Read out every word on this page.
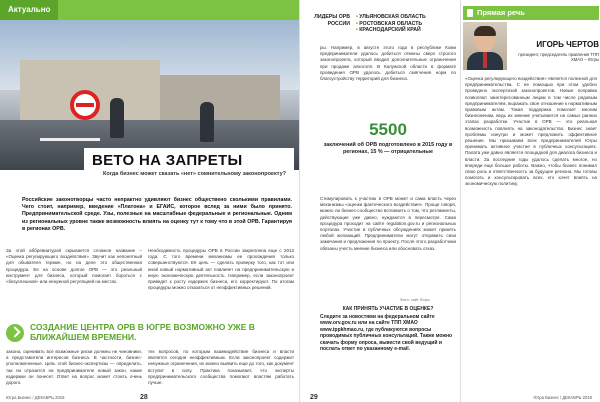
Актуально
ВЕТО НА ЗАПРЕТЫ
Когда бизнес может сказать «нет» сомнительному законопроекту?
Российские законотворцы часто непрактно удивляют бизнес обществено сколькими правилами. Чего стоит, например, введение «Платона» и ЕГАИС, которое вслед за ними было принято. Предпринимательской среде. Узы, полезные на масштабные федеральные и региональные. Одним из региональных уровне также возможность влиять на оценку тут к тому что в этой ОРВ. Гарантируя в регионах ОРВ.
За этой аббревиатурой скрывается сложное название – «Оценка регулирующего воздействия». Звучит как непонятный для обывателя термин, но на деле это общественная процедура. Ее на основе долгое ОРВ — это реальный инструмент для бизнеса, который помогает бороться с «безуспешной» или ненужной регуляцией на местах.
Необходимость процедуры ОРВ в России закреплена еще с 2013 года. С того времени механизмы ее прохождения только совершенствуются. Её цель — сделать проверку того, как тот или иной новый нормативный акт повлияет на предпринимательскую и иную экономическую деятельность. Например, если законопроект приведет к росту издержек бизнеса, его корректируют. По итогам процедуры можно отказаться от неэффективных решений.
СОЗДАНИЕ ЦЕНТРА ОРВ В ЮГРЕ ВОЗМОЖНО УЖЕ В БЛИЖАЙШЕМ ВРЕМЕНИ.
закона, оценивать все возможные риски должны не чиновники, а представители интересов бизнеса. В частности, бизнес-уполномоченные. Цель этой бизнес-экспертизы — определить, так ли отразится на предпринимателе новый закон, какие издержки он понесет. Ответ на вопрос может стоить очень дорого.
тех вопросов, по которым взаимодействие бизнеса и власти является сегодня неэффективным. Если законопроект содержит ненужные ограничения, их можно выявить еще до того, как документ вступит в силу. Практика показывает, что эксперты предпринимательского сообщества помогают властям работать лучше.
Югра Бизнес / ДЕКАБРЬ 2018	28
ЛИДЕРЫ ОРВ РОССИИ
• УЛЬЯНОВСКАЯ ОБЛАСТЬ
• РОСТОВСКАЯ ОБЛАСТЬ
• КРАСНОДАРСКИЙ КРАЙ
ры. Например, в августе этого года в республике Коми предприниматели удалось добиться отмены сверх строгого законопроекта, который вводил дополнительные ограничения при продаже алкоголя. В Калужской области в формате проведения ОРВ удалось добиться смягчения норм по благоустройству территорий для бизнеса.
5500
заключений об ОРВ подготовлено в 2015 году в регионах, 15 % — отрицательные
Стимулировать к участию в ОРВ может и сама власть через механизмы «оценки фактического воздействия». Проще говоря, можно ли бизнес-сообщество вспомнить о том, что регламенты, действующие уже давно, нуждаются в пересмотре. Сама процедура проходит на сайте regulation.gov.ru и региональных порталах. Участие в публичных обсуждениях может принять любой желающий. Предприниматели могут отправить свои замечания и предложения по проекту. После этого разработчики обязаны учесть мнение бизнеса или обосновать отказ.
Фото: сайт Югры
КАК ПРИНЯТЬ УЧАСТИЕ В ОЦЕНКЕ?
Следите за новостями на федеральном сайте www.orv.gov.ru или на сайте ТПП ХМАО www.tppkhmao.ru, где публикуются вопросы проводимых публичных консультаций. Также можно скачать форму опроса, вывести свой ведущий и послать ответ по указанному e-mail.
Прямая речь
ИГОРЬ ЧЕРТОВ
президент, председатель правления ТПП ХМАО – Югры
«Оценка регулирующего воздействия» является полезной для предпринимательства. С ее помощью при этом удобно проведено экспертизой законопроектов. Новые поправки позволяют заинтересованным лицам в том числе рядовым предпринимателям, выражать свое отношение к нормативным правовым актам. Такая поддержка помогает многим бизнесменам, ведь их мнение учитывается на самых ранних этапах разработки. Участие в ОРВ — это реальная возможность повлиять на законодательство. Бизнес знает проблемы изнутри и может предложить эффективное решение. Мы призываем всех предпринимателей Югры принимать активное участие в публичных консультациях. Палата уже давно является площадкой для диалога бизнеса и власти. За последние годы удалось сделать многое, но впереди еще больше работы. Важно, чтобы бизнес понимал свою роль и ответственность за будущее региона. Мы готовы помогать и консультировать всех, кто хочет влиять на экономическую политику.
Югра Бизнес / ДЕКАБРЬ 2018
29
